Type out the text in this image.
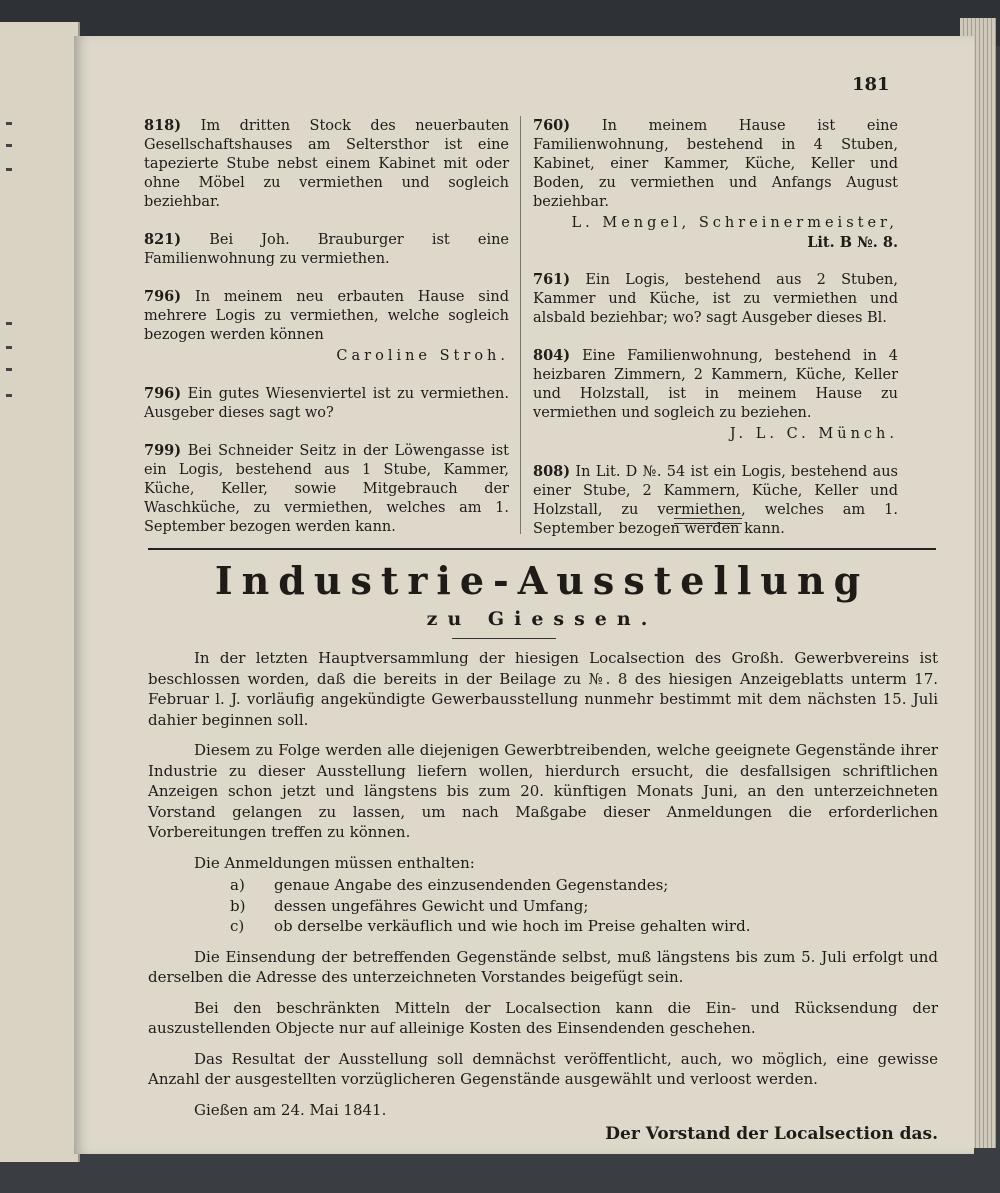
181
818) Im dritten Stock des neuerbauten Gesellschaftshauses am Seltersthor ist eine tapezierte Stube nebst einem Kabinet mit oder ohne Möbel zu vermiethen und sogleich beziehbar.
821) Bei Joh. Brauburger ist eine Familienwohnung zu vermiethen.
796) In meinem neu erbauten Hause sind mehrere Logis zu vermiethen, welche sogleich bezogen werden können
Caroline Stroh.
796) Ein gutes Wiesenviertel ist zu vermiethen. Ausgeber dieses sagt wo?
799) Bei Schneider Seitz in der Löwengasse ist ein Logis, bestehend aus 1 Stube, Kammer, Küche, Keller, sowie Mitgebrauch der Waschküche, zu vermiethen, welches am 1. September bezogen werden kann.
760) In meinem Hause ist eine Familienwohnung, bestehend in 4 Stuben, Kabinet, einer Kammer, Küche, Keller und Boden, zu vermiethen und Anfangs August beziehbar.
L. Mengel, Schreinermeister,
Lit. B №. 8.
761) Ein Logis, bestehend aus 2 Stuben, Kammer und Küche, ist zu vermiethen und alsbald beziehbar; wo? sagt Ausgeber dieses Bl.
804) Eine Familienwohnung, bestehend in 4 heizbaren Zimmern, 2 Kammern, Küche, Keller und Holzstall, ist in meinem Hause zu vermiethen und sogleich zu beziehen.
J. L. C. Münch.
808) In Lit. D №. 54 ist ein Logis, bestehend aus einer Stube, 2 Kammern, Küche, Keller und Holzstall, zu vermiethen, welches am 1. September bezogen werden kann.
Industrie-Ausstellung
zu Giessen.

In der letzten Hauptversammlung der hiesigen Localsection des Großh. Gewerbvereins ist beschlossen worden, daß die bereits in der Beilage zu №. 8 des hiesigen Anzeigeblatts unterm 17. Februar l. J. vorläufig angekündigte Gewerbausstellung nunmehr bestimmt mit dem nächsten 15. Juli dahier beginnen soll.

Diesem zu Folge werden alle diejenigen Gewerbtreibenden, welche geeignete Gegenstände ihrer Industrie zu dieser Ausstellung liefern wollen, hierdurch ersucht, die desfallsigen schriftlichen Anzeigen schon jetzt und längstens bis zum 20. künftigen Monats Juni, an den unterzeichneten Vorstand gelangen zu lassen, um nach Maßgabe dieser Anmeldungen die erforderlichen Vorbereitungen treffen zu können.

Die Anmeldungen müssen enthalten:

a) genaue Angabe des einzusendenden Gegenstandes;
b) dessen ungefähres Gewicht und Umfang;
c) ob derselbe verkäuflich und wie hoch im Preise gehalten wird.

Die Einsendung der betreffenden Gegenstände selbst, muß längstens bis zum 5. Juli erfolgt und derselben die Adresse des unterzeichneten Vorstandes beigefügt sein.

Bei den beschränkten Mitteln der Localsection kann die Ein- und Rücksendung der auszustellenden Objecte nur auf alleinige Kosten des Einsendenden geschehen.

Das Resultat der Ausstellung soll demnächst veröffentlicht, auch, wo möglich, eine gewisse Anzahl der ausgestellten vorzüglicheren Gegenstände ausgewählt und verloost werden.

Gießen am 24. Mai 1841.
Der Vorstand der Localsection das.
